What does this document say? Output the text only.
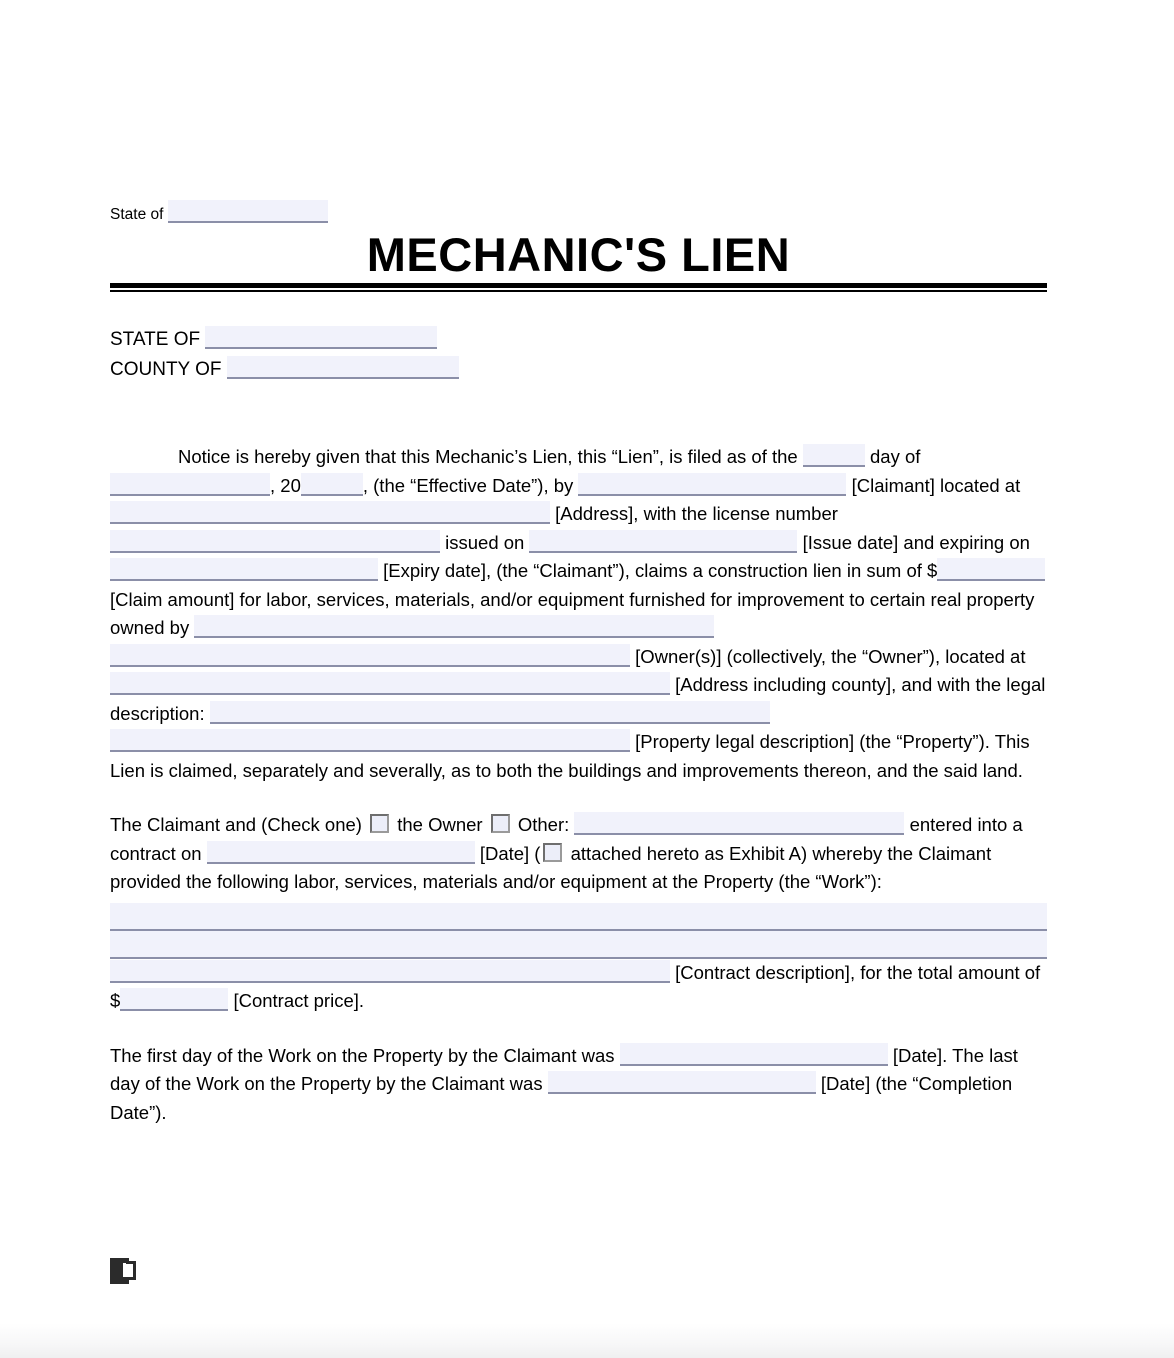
State of
MECHANIC'S LIEN
STATE OF
COUNTY OF

Notice is hereby given that this Mechanic’s Lien, this “Lien”, is filed as of the	day of , 20	, (the “Effective Date”), by	[Claimant] located at  [Address], with the license number  issued on	[Issue date] and expiring on  [Expiry date], (the “Claimant”), claims a construction lien in sum of $ [Claim amount] for labor, services, materials, and/or equipment furnished for improvement to certain real property owned by   [Owner(s)] (collectively, the “Owner”), located at  [Address including county], and with the legal description:   [Property legal description] (the “Property”). This Lien is claimed, separately and severally, as to both the buildings and improvements thereon, and the said land.

The Claimant and (Check one) the Owner Other:	entered into a contract on	[Date] ( attached hereto as Exhibit A) whereby the Claimant provided the following labor, services, materials and/or equipment at the Property (the “Work”):

[Contract description], for the total amount of $	[Contract price].

The first day of the Work on the Property by the Claimant was	[Date]. The last day of the Work on the Property by the Claimant was	[Date] (the “Completion Date”).
